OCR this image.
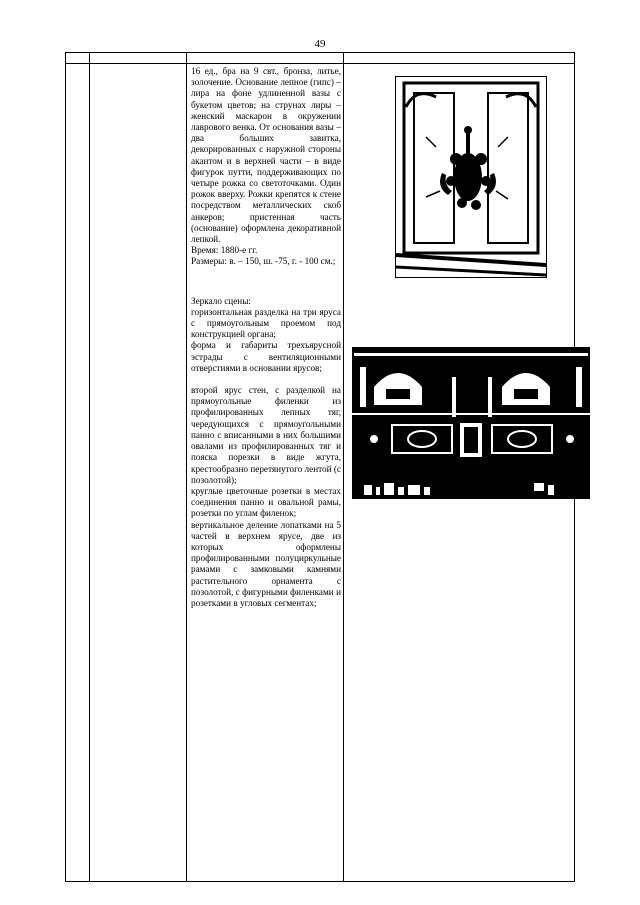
49

16 ед., бра на 9 свт., бронза, литье, золочение. Основание лепное (гипс) – лира на фоне удлиненной вазы с букетом цветов; на струнах лиры – женский маскарон в окружении лаврового венка. От основания вазы – два больших завитка, декорированных с наружной стороны акантом и в верхней части – в виде фигурок путти, поддерживающих по четыре рожка со светоточками. Один рожок вверху. Рожки крепятся к стене посредством металлических скоб анкеров; пристенная часть (основание) оформлена декоративной лепкой.

Время: 1880-е гг.

Размеры: в. – 150, ш. -75, г. - 100 см.;

Зеркало сцены:

горизонтальная разделка на три яруса с прямоугольным проемом под конструкцией органа;

форма и габариты трехъярусной эстрады с вентиляционными отверстиями в основании ярусов;

второй ярус стен, с разделкой на прямоугольные филенки из профилированных лепных тяг, чередующихся с прямоугольными панно с вписанными в них большими овалами из профилированных тяг и пояска порезки в виде жгута, крестообразно перетянутого лентой (с позолотой);

круглые цветочные розетки в местах соединения панно и овальной рамы, розетки по углам филенок;

вертикальное деление лопатками на 5 частей в верхнем ярусе, две из которых оформлены профилированными полуциркульные рамами с замковыми камнями растительного орнамента с позолотой, с фигурными филенками и розетками в угловых сегментах;
